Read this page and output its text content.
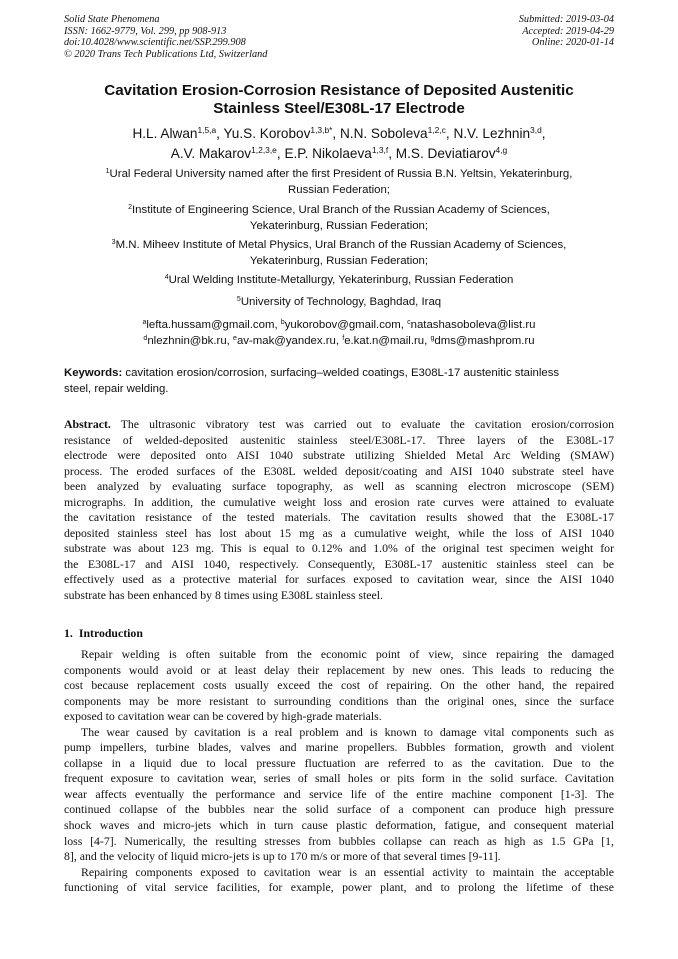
Solid State Phenomena
ISSN: 1662-9779, Vol. 299, pp 908-913
doi:10.4028/www.scientific.net/SSP.299.908
© 2020 Trans Tech Publications Ltd, Switzerland
Submitted: 2019-03-04
Accepted: 2019-04-29
Online: 2020-01-14
Cavitation Erosion-Corrosion Resistance of Deposited Austenitic
Stainless Steel/E308L-17 Electrode
H.L. Alwan$^{1,5,a}$, Yu.S. Korobov$^{1,3,b*}$, N.N. Soboleva$^{1,2,c}$, N.V. Lezhnin$^{3,d}$,
A.V. Makarov$^{1,2,3,e}$, E.P. Nikolaeva$^{1,3,f}$, M.S. Deviatiarov$^{4,g}$
$^1$Ural Federal University named after the first President of Russia B.N. Yeltsin, Yekaterinburg,
Russian Federation;
$^2$Institute of Engineering Science, Ural Branch of the Russian Academy of Sciences,
Yekaterinburg, Russian Federation;
$^3$M.N. Miheev Institute of Metal Physics, Ural Branch of the Russian Academy of Sciences,
Yekaterinburg, Russian Federation;
$^4$Ural Welding Institute-Metallurgy, Yekaterinburg, Russian Federation
$^5$University of Technology, Baghdad, Iraq
$^a$lefta.hussam@gmail.com, $^b$yukorobov@gmail.com, $^c$natashasoboleva@list.ru
$^d$nlezhnin@bk.ru, $^e$av-mak@yandex.ru, $^f$e.kat.n@mail.ru, $^g$dms@mashprom.ru
Keywords: cavitation erosion/corrosion, surfacing–welded coatings, E308L-17 austenitic stainless
steel, repair welding.
Abstract. The ultrasonic vibratory test was carried out to evaluate the cavitation erosion/corrosion
resistance of welded-deposited austenitic stainless steel/E308L-17. Three layers of the E308L-17
electrode were deposited onto AISI 1040 substrate utilizing Shielded Metal Arc Welding (SMAW)
process. The eroded surfaces of the E308L welded deposit/coating and AISI 1040 substrate steel have
been analyzed by evaluating surface topography, as well as scanning electron microscope (SEM)
micrographs. In addition, the cumulative weight loss and erosion rate curves were attained to evaluate
the cavitation resistance of the tested materials. The cavitation results showed that the E308L-17
deposited stainless steel has lost about 15 mg as a cumulative weight, while the loss of AISI 1040
substrate was about 123 mg. This is equal to 0.12% and 1.0% of the original test specimen weight for
the E308L-17 and AISI 1040, respectively. Consequently, E308L-17 austenitic stainless steel can be
effectively used as a protective material for surfaces exposed to cavitation wear, since the AISI 1040
substrate has been enhanced by 8 times using E308L stainless steel.
1. Introduction
Repair welding is often suitable from the economic point of view, since repairing the damaged
components would avoid or at least delay their replacement by new ones. This leads to reducing the
cost because replacement costs usually exceed the cost of repairing. On the other hand, the repaired
components may be more resistant to surrounding conditions than the original ones, since the surface
exposed to cavitation wear can be covered by high-grade materials.
The wear caused by cavitation is a real problem and is known to damage vital components such as
pump impellers, turbine blades, valves and marine propellers. Bubbles formation, growth and violent
collapse in a liquid due to local pressure fluctuation are referred to as the cavitation. Due to the
frequent exposure to cavitation wear, series of small holes or pits form in the solid surface. Cavitation
wear affects eventually the performance and service life of the entire machine component [1-3]. The
continued collapse of the bubbles near the solid surface of a component can produce high pressure
shock waves and micro-jets which in turn cause plastic deformation, fatigue, and consequent material
loss [4-7]. Numerically, the resulting stresses from bubbles collapse can reach as high as 1.5 GPa [1,
8], and the velocity of liquid micro-jets is up to 170 m/s or more of that several times [9-11].
Repairing components exposed to cavitation wear is an essential activity to maintain the acceptable
functioning of vital service facilities, for example, power plant, and to prolong the lifetime of these
